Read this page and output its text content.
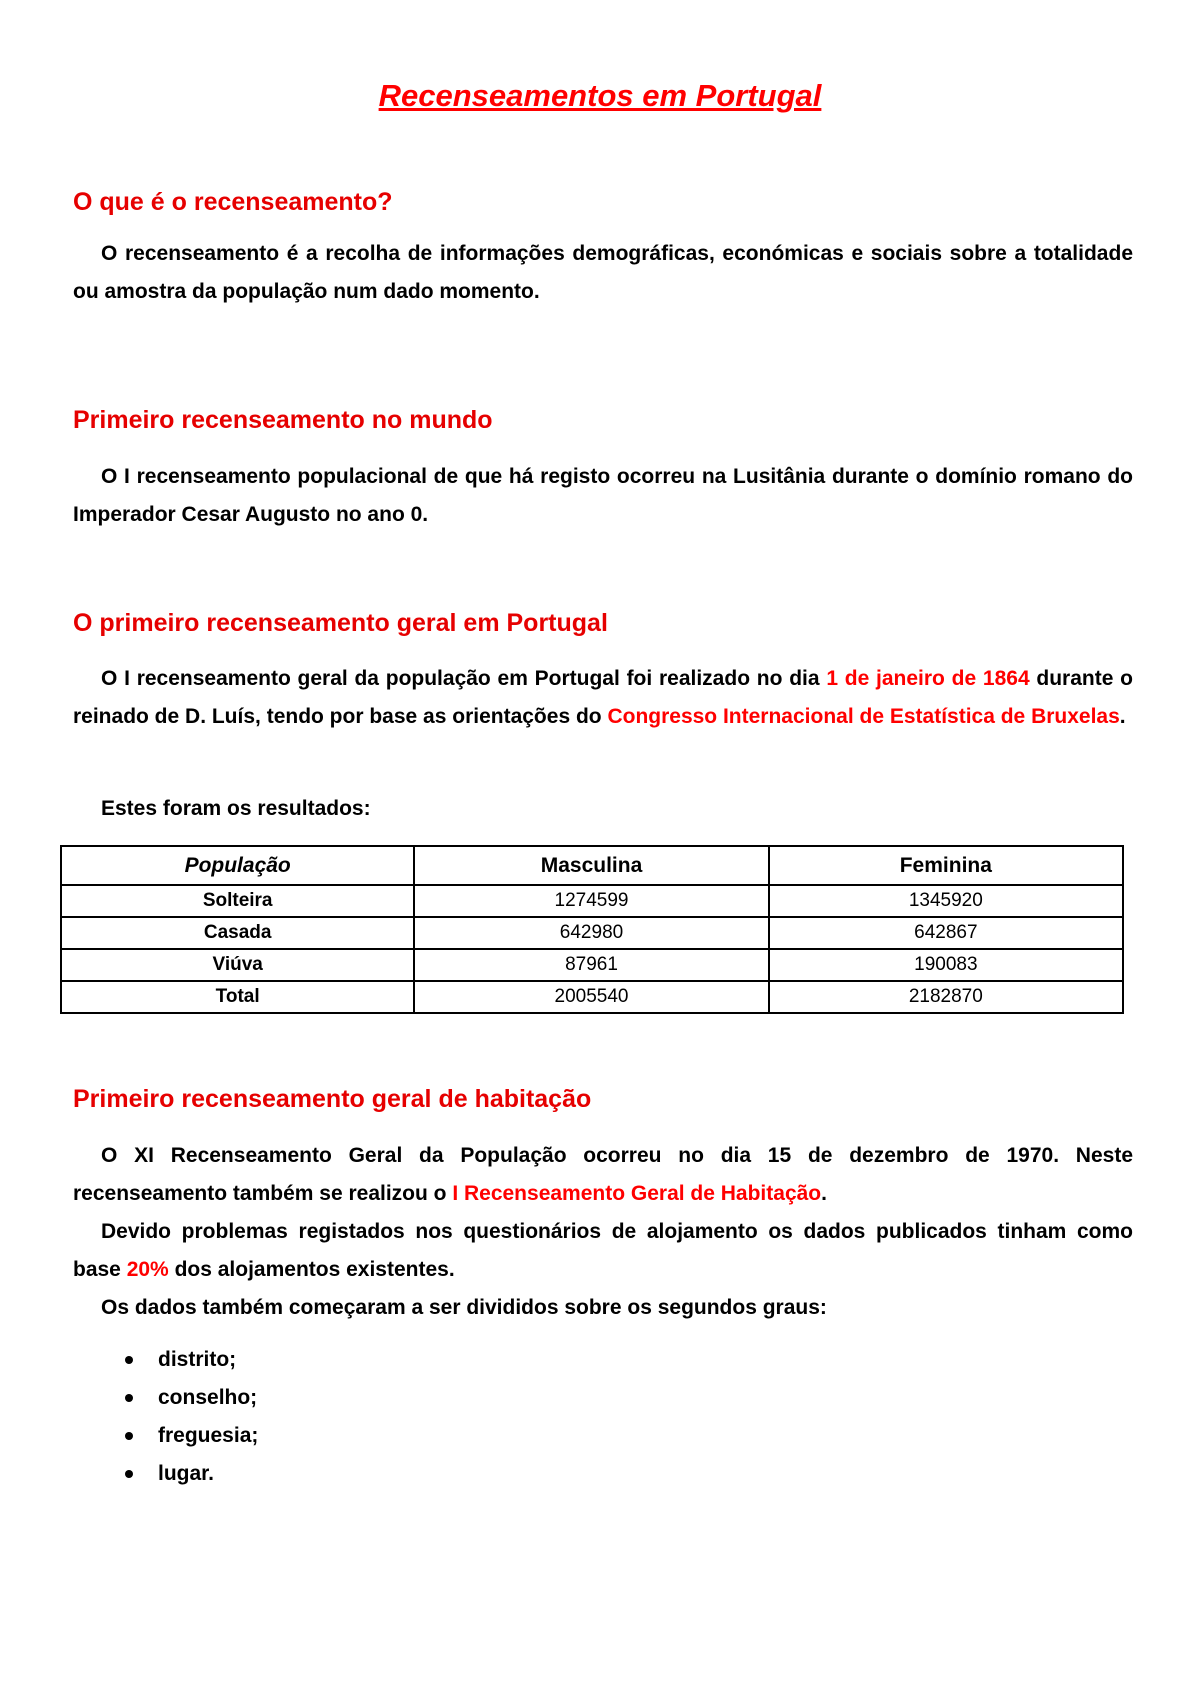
Recenseamentos em Portugal
O que é o recenseamento?

O recenseamento é a recolha de informações demográficas, económicas e sociais sobre a totalidade ou amostra da população num dado momento.

Primeiro recenseamento no mundo

O I recenseamento populacional de que há registo ocorreu na Lusitânia durante o domínio romano do Imperador Cesar Augusto no ano 0.

O primeiro recenseamento geral em Portugal

O I recenseamento geral da população em Portugal foi realizado no dia 1 de janeiro de 1864 durante o reinado de D. Luís, tendo por base as orientações do Congresso Internacional de Estatística de Bruxelas.

Estes foram os resultados:

População	Masculina	Feminina
Solteira	1274599	1345920
Casada	642980	642867
Viúva	87961	190083
Total	2005540	2182870
Primeiro recenseamento geral de habitação

O XI Recenseamento Geral da População ocorreu no dia 15 de dezembro de 1970. Neste recenseamento também se realizou o I Recenseamento Geral de Habitação.

Devido problemas registados nos questionários de alojamento os dados publicados tinham como base 20% dos alojamentos existentes.

Os dados também começaram a ser divididos sobre os segundos graus:

distrito;
conselho;
freguesia;
lugar.
